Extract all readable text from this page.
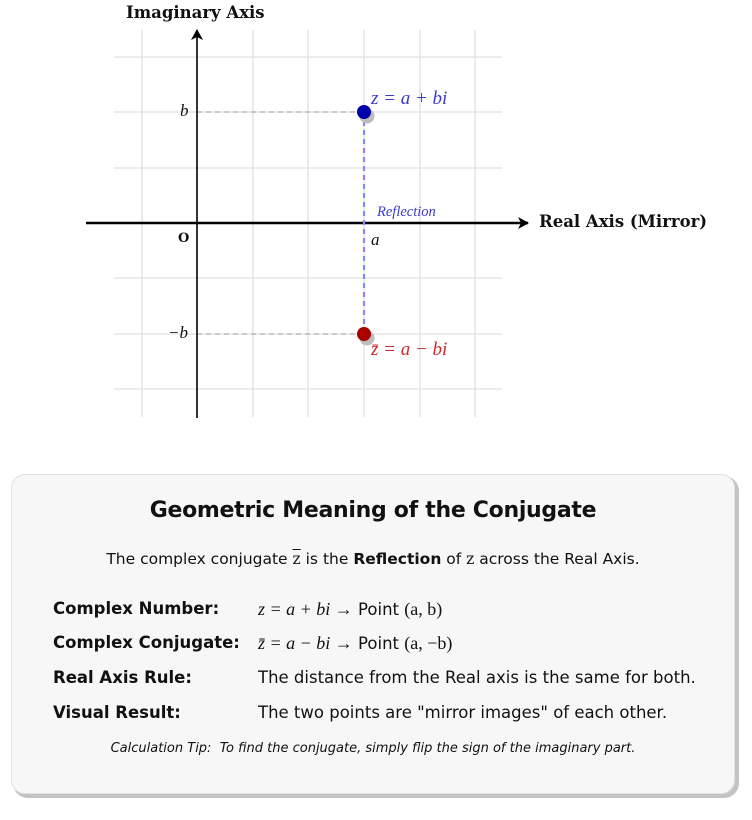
Imaginary Axis
Real Axis (Mirror)
b
−b
O	a
Reflection
z = a + bi
z̄ = a − bi
Geometric Meaning of the Conjugate
The complex conjugate $\overline{z}$ is the Reflection of z across the Real Axis.
Complex Number: z = a + bi → Point (a, b)
Complex Conjugate: z̄ = a − bi → Point (a, −b)
Real Axis Rule:	The distance from the Real axis is the same for both.
Visual Result:	The two points are "mirror images" of each other.
Calculation Tip:  To find the conjugate, simply flip the sign of the imaginary part.
